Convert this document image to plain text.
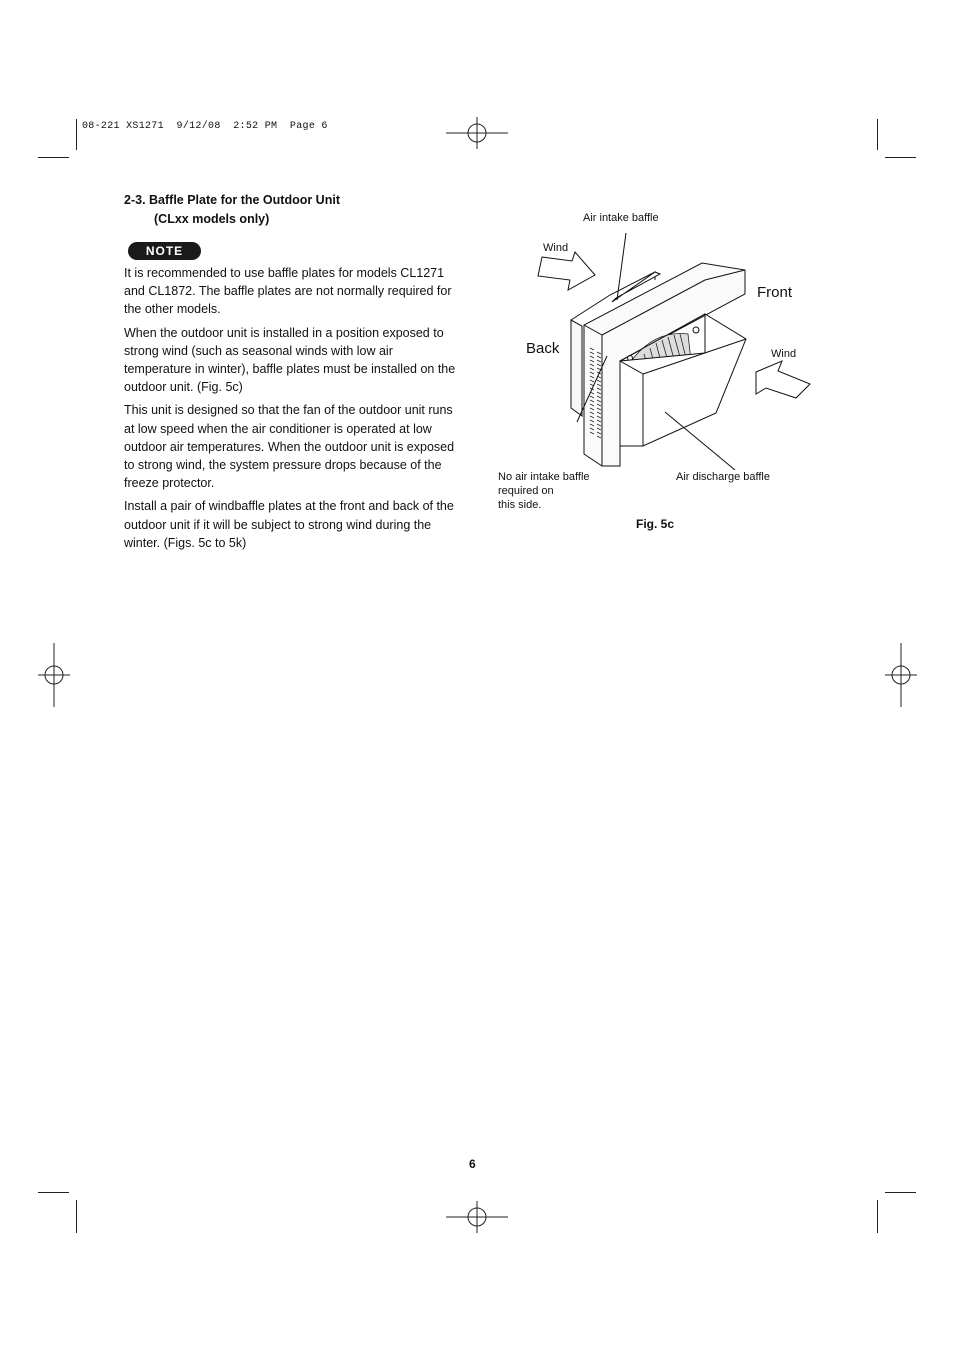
08-221 XS1271  9/12/08  2:52 PM  Page 6
2-3. Baffle Plate for the Outdoor Unit
(CLxx models only)
NOTE

It is recommended to use baffle plates for models CL1271 and CL1872. The baffle plates are not normally required for the other models.

When the outdoor unit is installed in a position exposed to strong wind (such as seasonal winds with low air temperature in winter), baffle plates must be installed on the outdoor unit. (Fig. 5c)

This unit is designed so that the fan of the outdoor unit runs at low speed when the air conditioner is operated at low outdoor air temperatures. When the outdoor unit is exposed to strong wind, the system pressure drops because of the freeze protector.

Install a pair of windbaffle plates at the front and back of the outdoor unit if it will be subject to strong wind during the winter. (Figs. 5c to 5k)

Air intake baffle
Wind
Front
Back	Wind
No air intake baffle
required on
this side.
Air discharge baffle
Fig. 5c
6
